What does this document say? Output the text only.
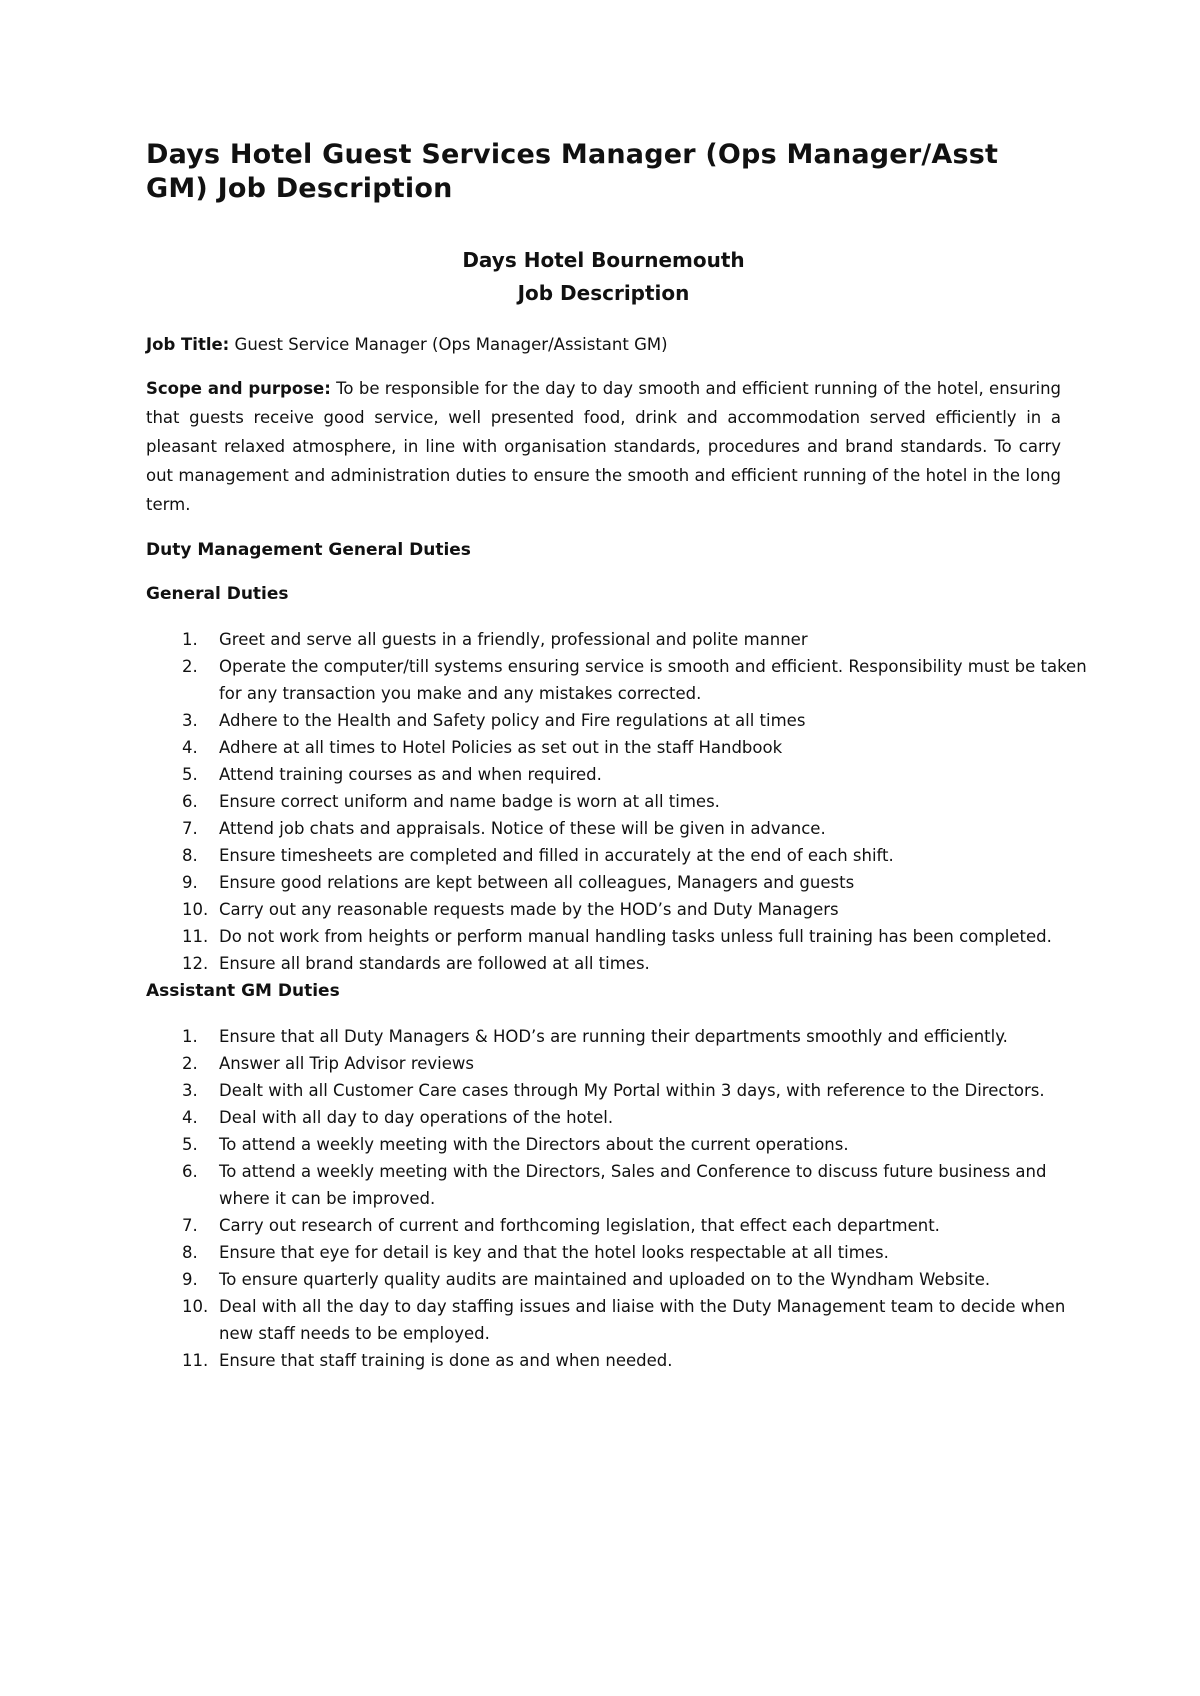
Days Hotel Guest Services Manager (Ops Manager/Asst GM) Job Description

Days Hotel Bournemouth

Job Description

Job Title: Guest Service Manager (Ops Manager/Assistant GM)

Scope and purpose: To be responsible for the day to day smooth and efficient running of the hotel, ensuring that guests receive good service, well presented food, drink and accommodation served efficiently in a pleasant relaxed atmosphere, in line with organisation standards, procedures and brand standards. To carry out management and administration duties to ensure the smooth and efficient running of the hotel in the long term.

Duty Management General Duties
General Duties
1. Greet and serve all guests in a friendly, professional and polite manner
2. Operate the computer/till systems ensuring service is smooth and efficient. Responsibility must be taken for any transaction you make and any mistakes corrected.
3. Adhere to the Health and Safety policy and Fire regulations at all times
4. Adhere at all times to Hotel Policies as set out in the staff Handbook
5. Attend training courses as and when required.
6. Ensure correct uniform and name badge is worn at all times.
7. Attend job chats and appraisals. Notice of these will be given in advance.
8. Ensure timesheets are completed and filled in accurately at the end of each shift.
9. Ensure good relations are kept between all colleagues, Managers and guests
10. Carry out any reasonable requests made by the HOD’s and Duty Managers
11. Do not work from heights or perform manual handling tasks unless full training has been completed.
12. Ensure all brand standards are followed at all times.
Assistant GM Duties
1. Ensure that all Duty Managers & HOD’s are running their departments smoothly and efficiently.
2. Answer all Trip Advisor reviews
3. Dealt with all Customer Care cases through My Portal within 3 days, with reference to the Directors.
4. Deal with all day to day operations of the hotel.
5. To attend a weekly meeting with the Directors about the current operations.
6. To attend a weekly meeting with the Directors, Sales and Conference to discuss future business and where it can be improved.
7. Carry out research of current and forthcoming legislation, that effect each department.
8. Ensure that eye for detail is key and that the hotel looks respectable at all times.
9. To ensure quarterly quality audits are maintained and uploaded on to the Wyndham Website.
10. Deal with all the day to day staffing issues and liaise with the Duty Management team to decide when new staff needs to be employed.
11. Ensure that staff training is done as and when needed.
